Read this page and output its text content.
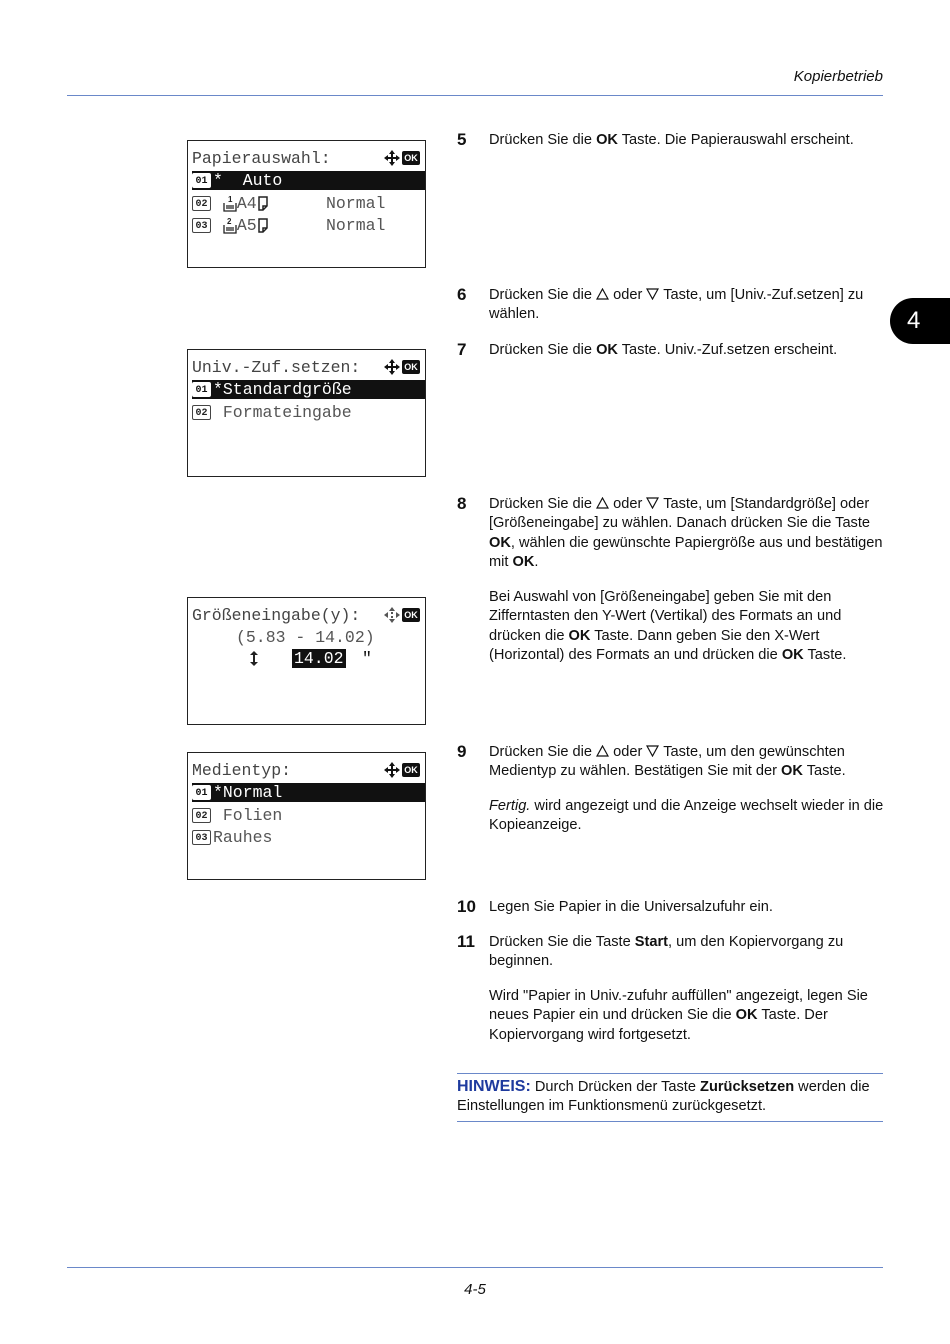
Kopierbetrieb
4
4-5
Papierauswahl:	OK
01 *  Auto
02	1 A4	Normal
03 2 A5	Normal
Univ.-Zuf.setzen:	OK
01 *Standardgröße
02 Formateingabe
Größeneingabe(y):	OK
(5.83 - 14.02)
14.02 "
Medientyp:	OK
01 *Normal
02 Folien
03 Rauhes
5 Drücken Sie die OK Taste. Die Papierauswahl erscheint.
6 Drücken Sie die  oder  Taste, um [Univ.-Zuf.setzen] zu wählen.
7 Drücken Sie die OK Taste. Univ.-Zuf.setzen erscheint.
8 Drücken Sie die  oder  Taste, um [Standardgröße] oder [Größeneingabe] zu wählen. Danach drücken Sie die Taste OK, wählen die gewünschte Papiergröße aus und bestätigen mit OK.
Bei Auswahl von [Größeneingabe] geben Sie mit den Zifferntasten den Y-Wert (Vertikal) des Formats an und drücken die OK Taste. Dann geben Sie den X-Wert (Horizontal) des Formats an und drücken die OK Taste.
9 Drücken Sie die  oder  Taste, um den gewünschten Medientyp zu wählen. Bestätigen Sie mit der OK Taste.
Fertig. wird angezeigt und die Anzeige wechselt wieder in die Kopieanzeige.
10 Legen Sie Papier in die Universalzufuhr ein.
11 Drücken Sie die Taste Start, um den Kopiervorgang zu beginnen.
Wird "Papier in Univ.-zufuhr auffüllen" angezeigt, legen Sie neues Papier ein und drücken Sie die OK Taste. Der Kopiervorgang wird fortgesetzt.
HINWEIS: Durch Drücken der Taste Zurücksetzen werden die Einstellungen im Funktionsmenü zurückgesetzt.
